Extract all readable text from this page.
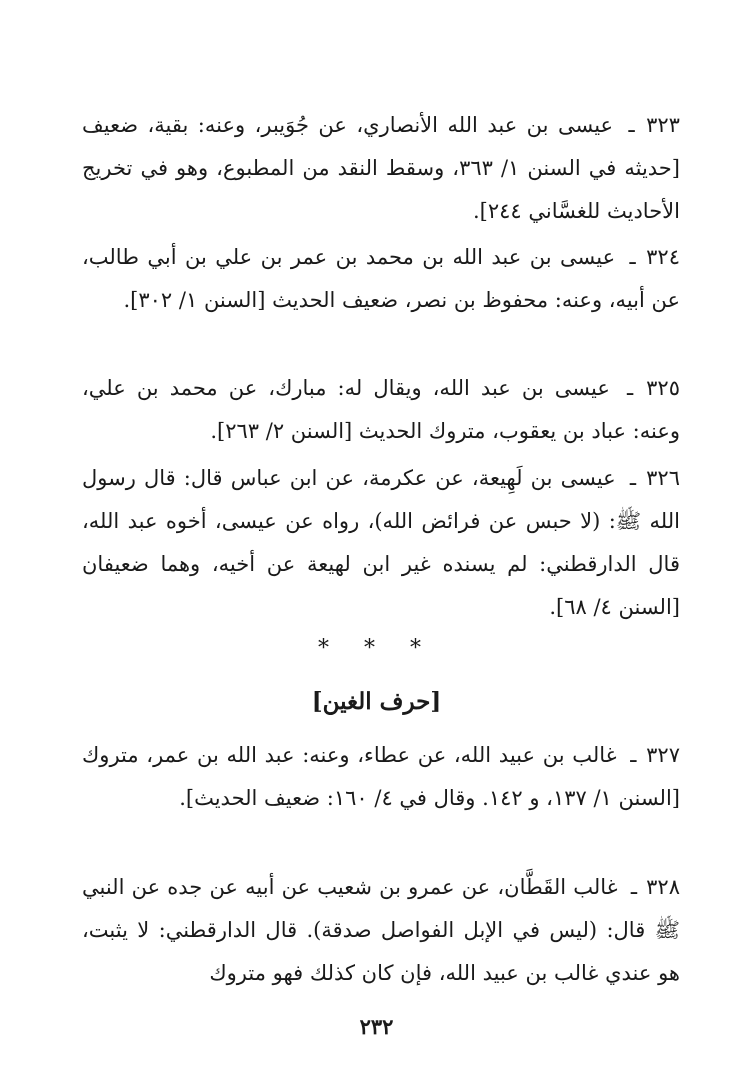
٣٢٣ ـ عيسى بن عبد الله الأنصاري، عن جُوَيبر، وعنه: بقية، ضعيف [حديثه في السنن ١/ ٣٦٣، وسقط النقد من المطبوع، وهو في تخريج الأحاديث للغسَّاني ٢٤٤].

٣٢٤ ـ عيسى بن عبد الله بن محمد بن عمر بن علي بن أبي طالب، عن أبيه، وعنه: محفوظ بن نصر، ضعيف الحديث [السنن ١/ ٣٠٢].

٣٢٥ ـ عيسى بن عبد الله، ويقال له: مبارك، عن محمد بن علي، وعنه: عباد بن يعقوب، متروك الحديث [السنن ٢/ ٢٦٣].

٣٢٦ ـ عيسى بن لَهِيعة، عن عكرمة، عن ابن عباس قال: قال رسول الله ﷺ: (لا حبس عن فرائض الله)، رواه عن عيسى، أخوه عبد الله، قال الدارقطني: لم يسنده غير ابن لهيعة عن أخيه، وهما ضعيفان [السنن ٤/ ٦٨].

* * *
[حرف الغين]

٣٢٧ ـ غالب بن عبيد الله، عن عطاء، وعنه: عبد الله بن عمر، متروك [السنن ١/ ١٣٧، و ١٤٢. وقال في ٤/ ١٦٠: ضعيف الحديث].

٣٢٨ ـ غالب القَطَّان، عن عمرو بن شعيب عن أبيه عن جده عن النبي ﷺ قال: (ليس في الإبل الفواصل صدقة). قال الدارقطني: لا يثبت، هو عندي غالب بن عبيد الله، فإن كان كذلك فهو متروك

٢٣٢
